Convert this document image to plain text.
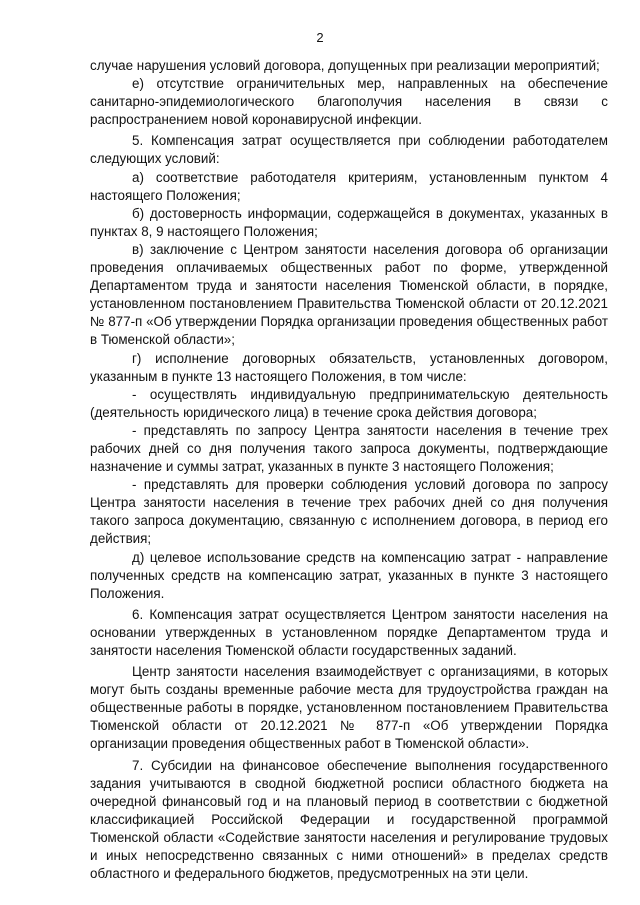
2

случае нарушения условий договора, допущенных при реализации мероприятий;

е) отсутствие ограничительных мер, направленных на обеспечение санитарно-эпидемиологического благополучия населения в связи с распространением новой коронавирусной инфекции.

5. Компенсация затрат осуществляется при соблюдении работодателем следующих условий:

а) соответствие работодателя критериям, установленным пунктом 4 настоящего Положения;

б) достоверность информации, содержащейся в документах, указанных в пунктах 8, 9 настоящего Положения;

в) заключение с Центром занятости населения договора об организации проведения оплачиваемых общественных работ по форме, утвержденной Департаментом труда и занятости населения Тюменской области, в порядке, установленном постановлением Правительства Тюменской области от 20.12.2021 № 877-п «Об утверждении Порядка организации проведения общественных работ в Тюменской области»;

г) исполнение договорных обязательств, установленных договором, указанным в пункте 13 настоящего Положения, в том числе:

- осуществлять индивидуальную предпринимательскую деятельность (деятельность юридического лица) в течение срока действия договора;

- представлять по запросу Центра занятости населения в течение трех рабочих дней со дня получения такого запроса документы, подтверждающие назначение и суммы затрат, указанных в пункте 3 настоящего Положения;

- представлять для проверки соблюдения условий договора по запросу Центра занятости населения в течение трех рабочих дней со дня получения такого запроса документацию, связанную с исполнением договора, в период его действия;

д) целевое использование средств на компенсацию затрат - направление полученных средств на компенсацию затрат, указанных в пункте 3 настоящего Положения.

6. Компенсация затрат осуществляется Центром занятости населения на основании утвержденных в установленном порядке Департаментом труда и занятости населения Тюменской области государственных заданий.

Центр занятости населения взаимодействует с организациями, в которых могут быть созданы временные рабочие места для трудоустройства граждан на общественные работы в порядке, установленном постановлением Правительства Тюменской области от 20.12.2021 № 877-п «Об утверждении Порядка организации проведения общественных работ в Тюменской области».

7. Субсидии на финансовое обеспечение выполнения государственного задания учитываются в сводной бюджетной росписи областного бюджета на очередной финансовый год и на плановый период в соответствии с бюджетной классификацией Российской Федерации и государственной программой Тюменской области «Содействие занятости населения и регулирование трудовых и иных непосредственно связанных с ними отношений» в пределах средств областного и федерального бюджетов, предусмотренных на эти цели.
